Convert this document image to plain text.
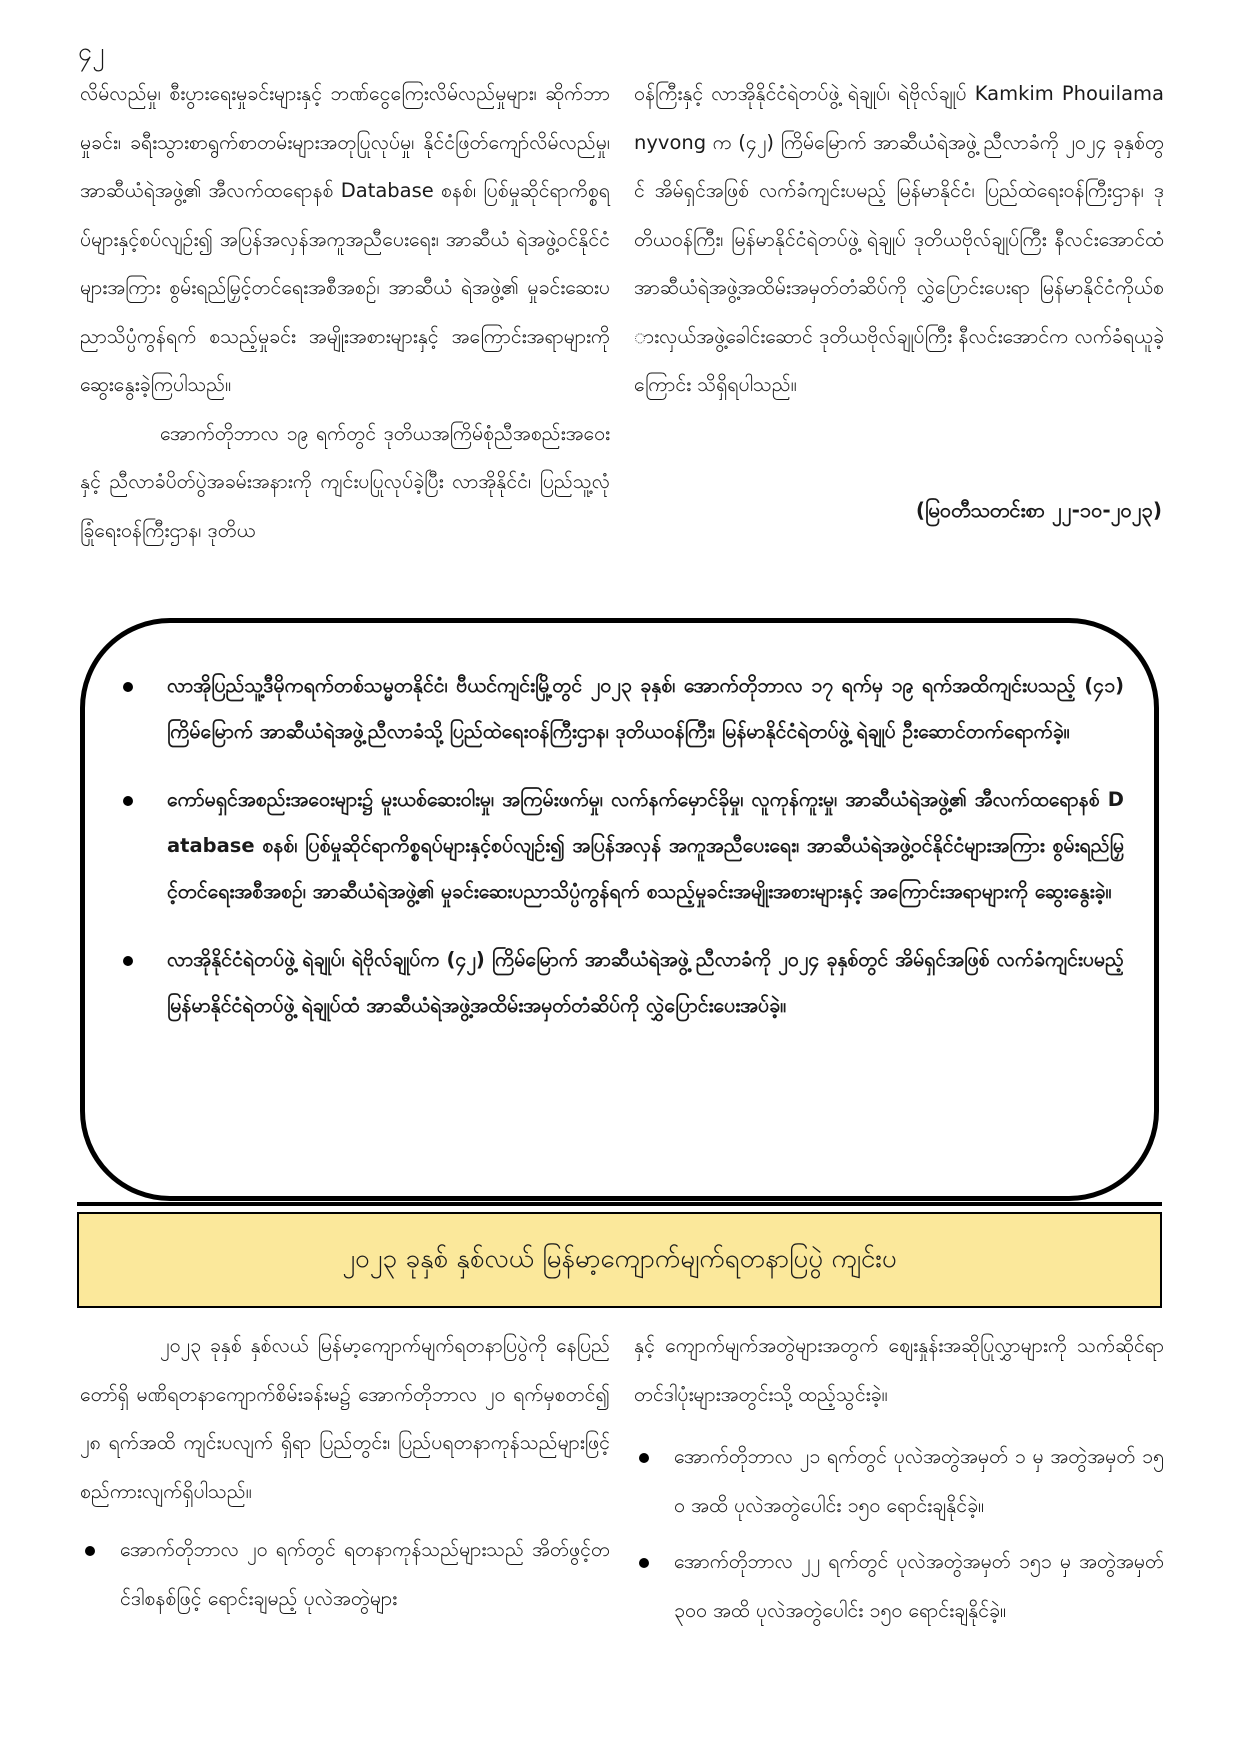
၄၂

လိမ်လည်မှု၊ စီးပွားရေးမှုခင်းများနှင့် ဘဏ်ငွေကြေးလိမ်လည်မှုများ၊ ဆိုက်ဘာမှုခင်း၊ ခရီးသွားစာရွက်စာတမ်းများအတုပြုလုပ်မှု၊ နိုင်ငံဖြတ်ကျော်လိမ်လည်မှု၊ အာဆီယံရဲအဖွဲ့၏ အီလက်ထရောနစ် Database စနစ်၊ ပြစ်မှုဆိုင်ရာကိစ္စရပ်များနှင့်စပ်လျဉ်း၍ အပြန်အလှန်အကူအညီပေးရေး၊ အာဆီယံ ရဲအဖွဲ့ဝင်နိုင်ငံများအကြား စွမ်းရည်မြှင့်တင်ရေးအစီအစဉ်၊ အာဆီယံ ရဲအဖွဲ့၏ မှုခင်းဆေးပညာသိပ္ပံကွန်ရက် စသည့်မှုခင်း အမျိုးအစားများနှင့် အကြောင်းအရာများကို ဆွေးနွေးခဲ့ကြပါသည်။

အောက်တိုဘာလ ၁၉ ရက်တွင် ဒုတိယအကြိမ်စုံညီအစည်းအဝေးနှင့် ညီလာခံပိတ်ပွဲအခမ်းအနားကို ကျင်းပပြုလုပ်ခဲ့ပြီး လာအိုနိုင်ငံ၊ ပြည်သူ့လုံခြုံရေးဝန်ကြီးဌာန၊ ဒုတိယ

ဝန်ကြီးနှင့် လာအိုနိုင်ငံရဲတပ်ဖွဲ့ ရဲချုပ်၊ ရဲဗိုလ်ချုပ် Kamkim Phouilamanyvong က (၄၂) ကြိမ်မြောက် အာဆီယံရဲအဖွဲ့ ညီလာခံကို ၂၀၂၄ ခုနှစ်တွင် အိမ်ရှင်အဖြစ် လက်ခံကျင်းပမည့် မြန်မာနိုင်ငံ၊ ပြည်ထဲရေးဝန်ကြီးဌာန၊ ဒုတိယဝန်ကြီး၊ မြန်မာနိုင်ငံရဲတပ်ဖွဲ့ ရဲချုပ် ဒုတိယဗိုလ်ချုပ်ကြီး နီလင်းအောင်ထံ အာဆီယံရဲအဖွဲ့အထိမ်းအမှတ်တံဆိပ်ကို လွှဲပြောင်းပေးရာ မြန်မာနိုင်ငံကိုယ်စားလှယ်အဖွဲ့ခေါင်းဆောင် ဒုတိယဗိုလ်ချုပ်ကြီး နီလင်းအောင်က လက်ခံရယူခဲ့ကြောင်း သိရှိရပါသည်။

(မြဝတီသတင်းစာ ၂၂-၁၀-၂၀၂၃)
လာအိုပြည်သူ့ဒီမိုကရက်တစ်သမ္မတနိုင်ငံ၊ ဗီယင်ကျင်းမြို့တွင် ၂၀၂၃ ခုနှစ်၊ အောက်တိုဘာလ ၁၇ ရက်မှ ၁၉ ရက်အထိကျင်းပသည့် (၄၁) ကြိမ်မြောက် အာဆီယံရဲအဖွဲ့ညီလာခံသို့ ပြည်ထဲရေးဝန်ကြီးဌာန၊ ဒုတိယဝန်ကြီး၊ မြန်မာနိုင်ငံရဲတပ်ဖွဲ့ ရဲချုပ် ဦးဆောင်တက်ရောက်ခဲ့။
ကော်မရှင်အစည်းအဝေးများ၌ မူးယစ်ဆေးဝါးမှု၊ အကြမ်းဖက်မှု၊ လက်နက်မှောင်ခိုမှု၊ လူကုန်ကူးမှု၊ အာဆီယံရဲအဖွဲ့၏ အီလက်ထရောနစ် Database စနစ်၊ ပြစ်မှုဆိုင်ရာကိစ္စရပ်များနှင့်စပ်လျဉ်း၍ အပြန်အလှန် အကူအညီပေးရေး၊ အာဆီယံရဲအဖွဲ့ဝင်နိုင်ငံများအကြား စွမ်းရည်မြှင့်တင်ရေးအစီအစဉ်၊ အာဆီယံရဲအဖွဲ့၏ မှုခင်းဆေးပညာသိပ္ပံကွန်ရက် စသည့်မှုခင်းအမျိုးအစားများနှင့် အကြောင်းအရာများကို ဆွေးနွေးခဲ့။
လာအိုနိုင်ငံရဲတပ်ဖွဲ့ ရဲချုပ်၊ ရဲဗိုလ်ချုပ်က (၄၂) ကြိမ်မြောက် အာဆီယံရဲအဖွဲ့ ညီလာခံကို ၂၀၂၄ ခုနှစ်တွင် အိမ်ရှင်အဖြစ် လက်ခံကျင်းပမည့် မြန်မာနိုင်ငံရဲတပ်ဖွဲ့ ရဲချုပ်ထံ အာဆီယံရဲအဖွဲ့အထိမ်းအမှတ်တံဆိပ်ကို လွှဲပြောင်းပေးအပ်ခဲ့။
၂၀၂၃ ခုနှစ် နှစ်လယ် မြန်မာ့ကျောက်မျက်ရတနာပြပွဲ ကျင်းပ

၂၀၂၃ ခုနှစ် နှစ်လယ် မြန်မာ့ကျောက်မျက်ရတနာပြပွဲကို နေပြည်တော်ရှိ မဏိရတနာကျောက်စိမ်းခန်းမ၌ အောက်တိုဘာလ ၂၀ ရက်မှစတင်၍ ၂၈ ရက်အထိ ကျင်းပလျက် ရှိရာ ပြည်တွင်း၊ ပြည်ပရတနာကုန်သည်များဖြင့် စည်ကားလျက်ရှိပါသည်။

အောက်တိုဘာလ ၂၀ ရက်တွင် ရတနာကုန်သည်များသည် အိတ်ဖွင့်တင်ဒါစနစ်ဖြင့် ရောင်းချမည့် ပုလဲအတွဲများ

နှင့် ကျောက်မျက်အတွဲများအတွက် စျေးနှုန်းအဆိုပြုလွှာများကို သက်ဆိုင်ရာတင်ဒါပုံးများအတွင်းသို့ ထည့်သွင်းခဲ့။

အောက်တိုဘာလ ၂၁ ရက်တွင် ပုလဲအတွဲအမှတ် ၁ မှ အတွဲအမှတ် ၁၅၀ အထိ ပုလဲအတွဲပေါင်း ၁၅၀ ရောင်းချနိုင်ခဲ့။
အောက်တိုဘာလ ၂၂ ရက်တွင် ပုလဲအတွဲအမှတ် ၁၅၁ မှ အတွဲအမှတ် ၃၀၀ အထိ ပုလဲအတွဲပေါင်း ၁၅၀ ရောင်းချနိုင်ခဲ့။
